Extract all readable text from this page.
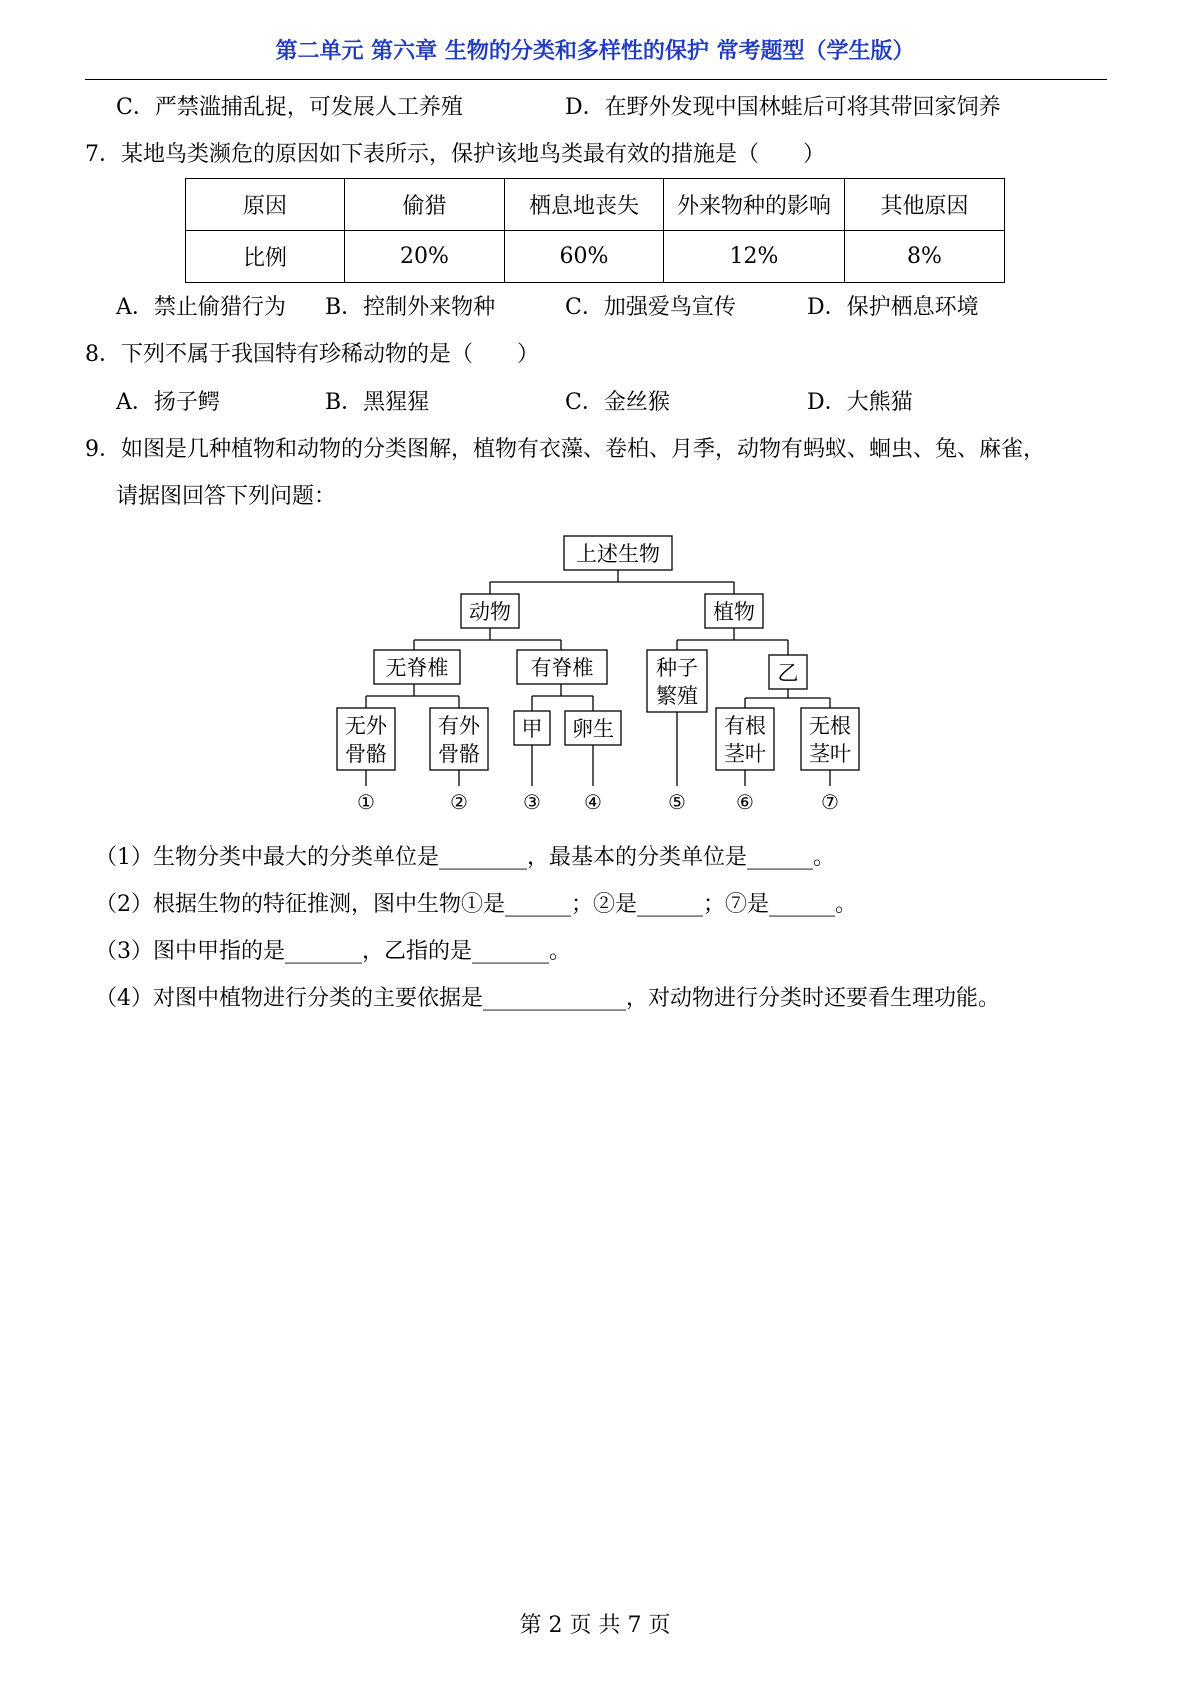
第二单元 第六章 生物的分类和多样性的保护 常考题型（学生版）
C．严禁滥捕乱捉，可发展人工养殖	D．在野外发现中国林蛙后可将其带回家饲养
7．某地鸟类濒危的原因如下表所示，保护该地鸟类最有效的措施是（　　）
原因	偷猎	栖息地丧失	外来物种的影响	其他原因
比例	20%	60%	12%	8%
A．禁止偷猎行为 B．控制外来物种	C．加强爱鸟宣传	D．保护栖息环境
8．下列不属于我国特有珍稀动物的是（　　）
A．扬子鳄	B．黑猩猩	C．金丝猴	D．大熊猫
9．如图是几种植物和动物的分类图解，植物有衣藻、卷柏、月季，动物有蚂蚁、蛔虫、兔、麻雀，
请据图回答下列问题：
上述生物
动物	植物
无脊椎	有脊椎	种子
繁殖
乙
无外
骨骼
有外
骨骼
甲 卵生	有根
茎叶
无根
茎叶
①	②	③ ④	⑤	⑥	⑦
（1）生物分类中最大的分类单位是________，最基本的分类单位是______。
（2）根据生物的特征推测，图中生物①是______；②是______；⑦是______。
（3）图中甲指的是_______，乙指的是_______。
（4）对图中植物进行分类的主要依据是_____________，对动物进行分类时还要看生理功能。
第 2 页 共 7 页
